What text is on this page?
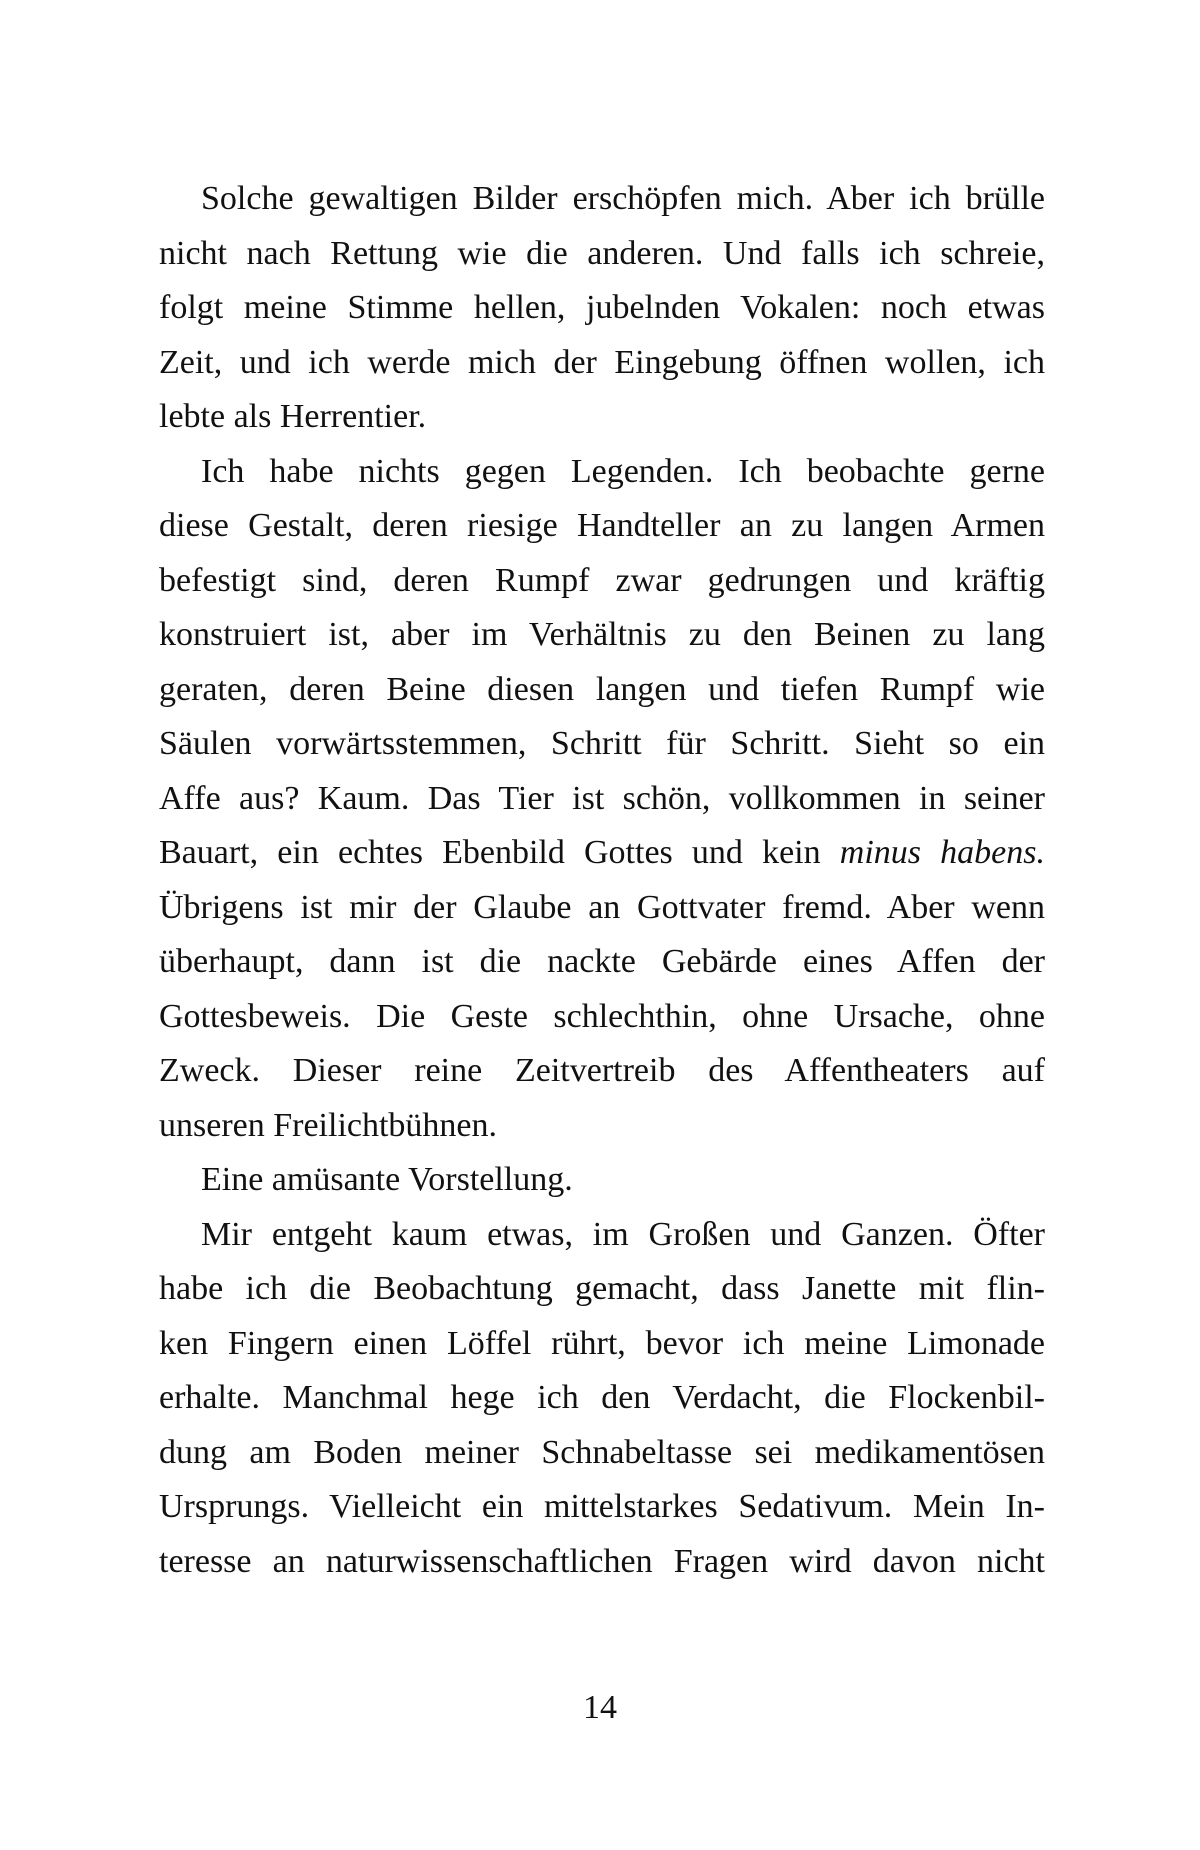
Solche gewaltigen Bilder erschöpfen mich. Aber ich brülle
nicht nach Rettung wie die anderen. Und falls ich schreie,
folgt meine Stimme hellen, jubelnden Vokalen: noch etwas
Zeit, und ich werde mich der Eingebung öffnen wollen, ich
lebte als Herrentier.
Ich habe nichts gegen Legenden. Ich beobachte gerne
diese Gestalt, deren riesige Handteller an zu langen Armen
befestigt sind, deren Rumpf zwar gedrungen und kräftig
konstruiert ist, aber im Verhältnis zu den Beinen zu lang
geraten, deren Beine diesen langen und tiefen Rumpf wie
Säulen vorwärtsstemmen, Schritt für Schritt. Sieht so ein
Affe aus? Kaum. Das Tier ist schön, vollkommen in seiner
Bauart, ein echtes Ebenbild Gottes und kein minus habens.
Übrigens ist mir der Glaube an Gottvater fremd. Aber wenn
überhaupt, dann ist die nackte Gebärde eines Affen der
Gottesbeweis. Die Geste schlechthin, ohne Ursache, ohne
Zweck. Dieser reine Zeitvertreib des Affentheaters auf
unseren Freilichtbühnen.
Eine amüsante Vorstellung.
Mir entgeht kaum etwas, im Großen und Ganzen. Öfter
habe ich die Beobachtung gemacht, dass Janette mit flin-
ken Fingern einen Löffel rührt, bevor ich meine Limonade
erhalte. Manchmal hege ich den Verdacht, die Flockenbil-
dung am Boden meiner Schnabeltasse sei medikamentösen
Ursprungs. Vielleicht ein mittelstarkes Sedativum. Mein In-
teresse an naturwissenschaftlichen Fragen wird davon nicht
14
